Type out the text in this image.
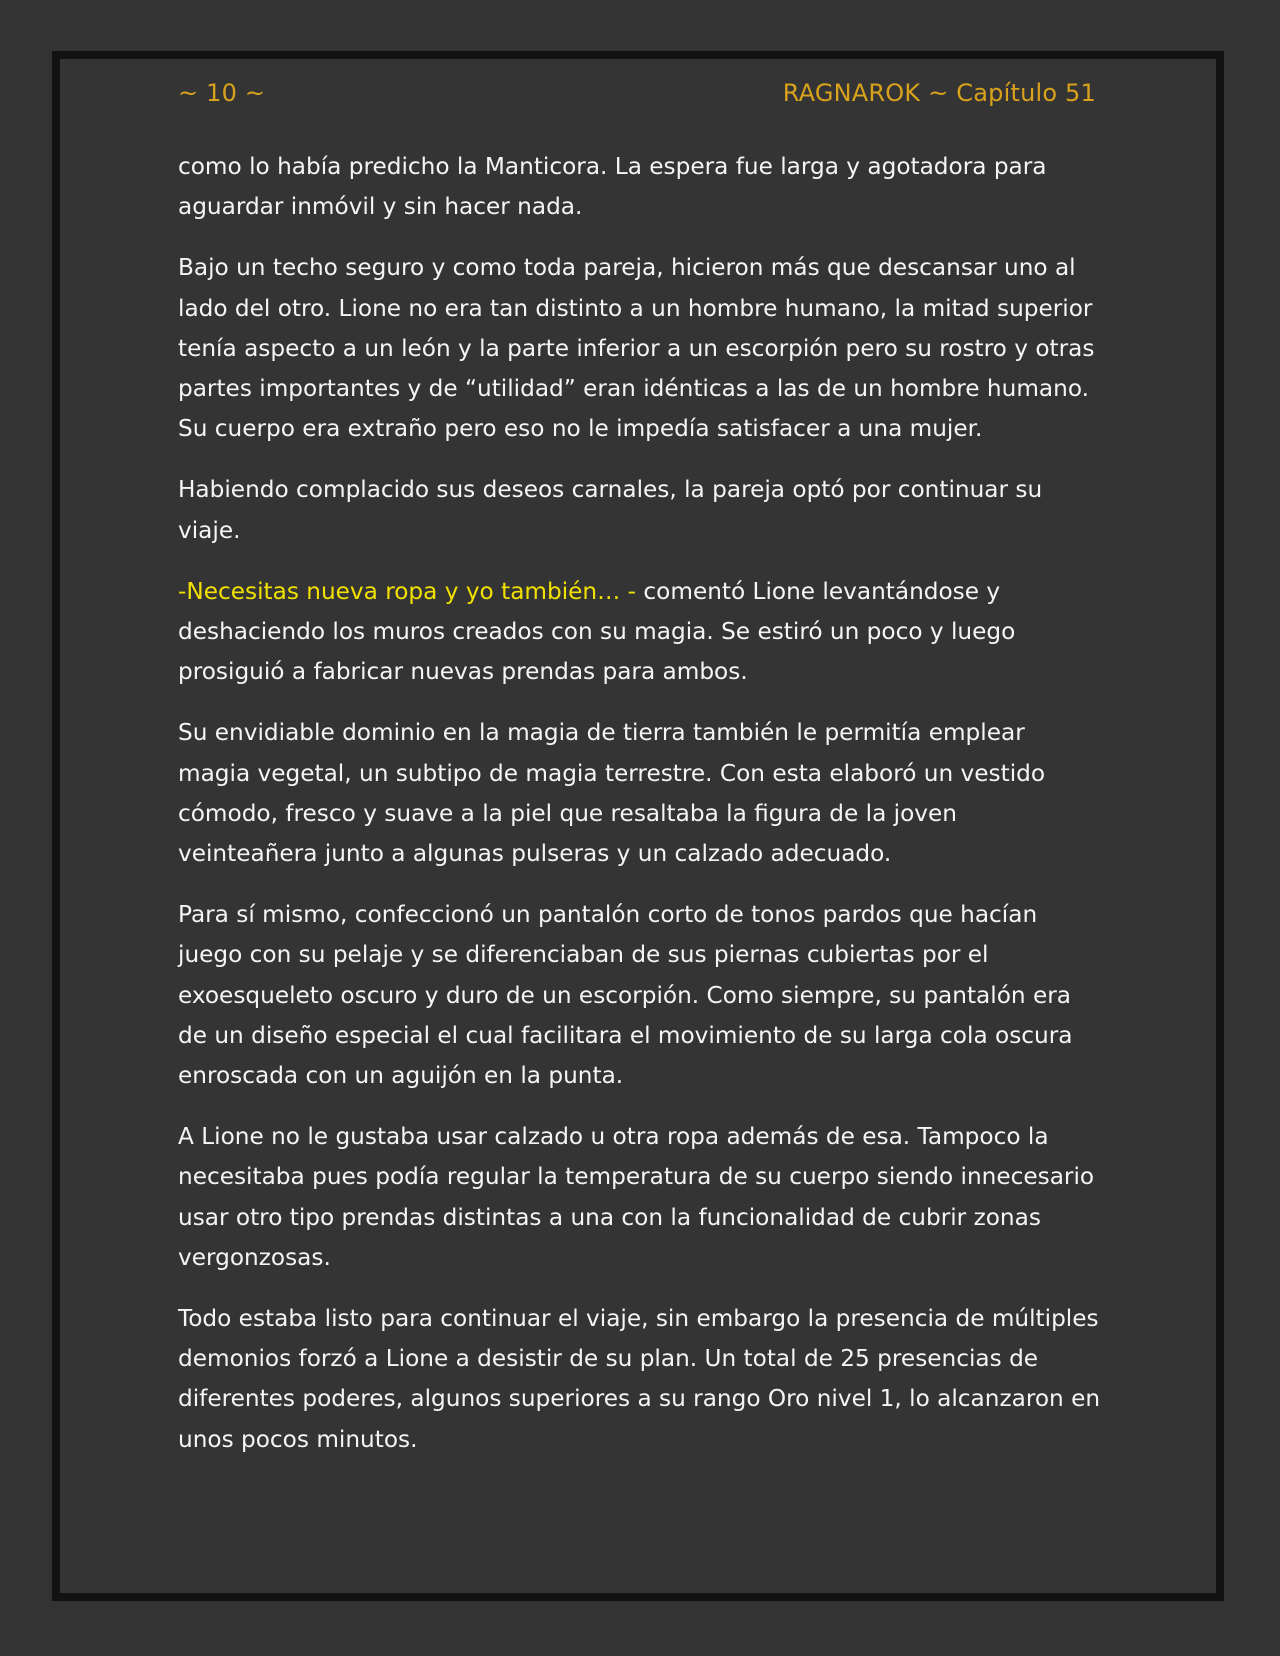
~ 10 ~	RAGNAROK ~ Capítulo 51

como lo había predicho la Manticora. La espera fue larga y agotadora para aguardar inmóvil y sin hacer nada.

Bajo un techo seguro y como toda pareja, hicieron más que descansar uno al lado del otro. Lione no era tan distinto a un hombre humano, la mitad superior tenía aspecto a un león y la parte inferior a un escorpión pero su rostro y otras partes importantes y de “utilidad” eran idénticas a las de un hombre humano. Su cuerpo era extraño pero eso no le impedía satisfacer a una mujer.

Habiendo complacido sus deseos carnales, la pareja optó por continuar su viaje.

-Necesitas nueva ropa y yo también… - comentó Lione levantándose y deshaciendo los muros creados con su magia. Se estiró un poco y luego prosiguió a fabricar nuevas prendas para ambos.

Su envidiable dominio en la magia de tierra también le permitía emplear magia vegetal, un subtipo de magia terrestre. Con esta elaboró un vestido cómodo, fresco y suave a la piel que resaltaba la figura de la joven veinteañera junto a algunas pulseras y un calzado adecuado.

Para sí mismo, confeccionó un pantalón corto de tonos pardos que hacían juego con su pelaje y se diferenciaban de sus piernas cubiertas por el exoesqueleto oscuro y duro de un escorpión. Como siempre, su pantalón era de un diseño especial el cual facilitara el movimiento de su larga cola oscura enroscada con un aguijón en la punta.

A Lione no le gustaba usar calzado u otra ropa además de esa. Tampoco la necesitaba pues podía regular la temperatura de su cuerpo siendo innecesario usar otro tipo prendas distintas a una con la funcionalidad de cubrir zonas vergonzosas.

Todo estaba listo para continuar el viaje, sin embargo la presencia de múltiples demonios forzó a Lione a desistir de su plan. Un total de 25 presencias de diferentes poderes, algunos superiores a su rango Oro nivel 1, lo alcanzaron en unos pocos minutos.
